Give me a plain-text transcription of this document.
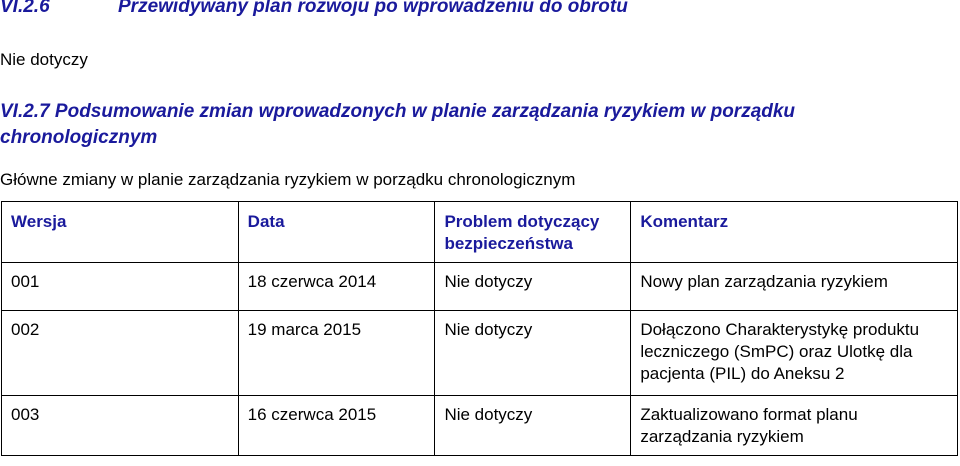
VI.2.6	Przewidywany plan rozwoju po wprowadzeniu do obrotu

Nie dotyczy

VI.2.7 Podsumowanie zmian wprowadzonych w planie zarządzania ryzykiem w porządku chronologicznym

Główne zmiany w planie zarządzania ryzykiem w porządku chronologicznym

Wersja	Data	Problem dotyczący bezpieczeństwa	Komentarz
001	18 czerwca 2014	Nie dotyczy	Nowy plan zarządzania ryzykiem
002	19 marca 2015	Nie dotyczy	Dołączono Charakterystykę produktu leczniczego (SmPC) oraz Ulotkę dla pacjenta (PIL) do Aneksu 2
003	16 czerwca 2015	Nie dotyczy	Zaktualizowano format planu zarządzania ryzykiem
